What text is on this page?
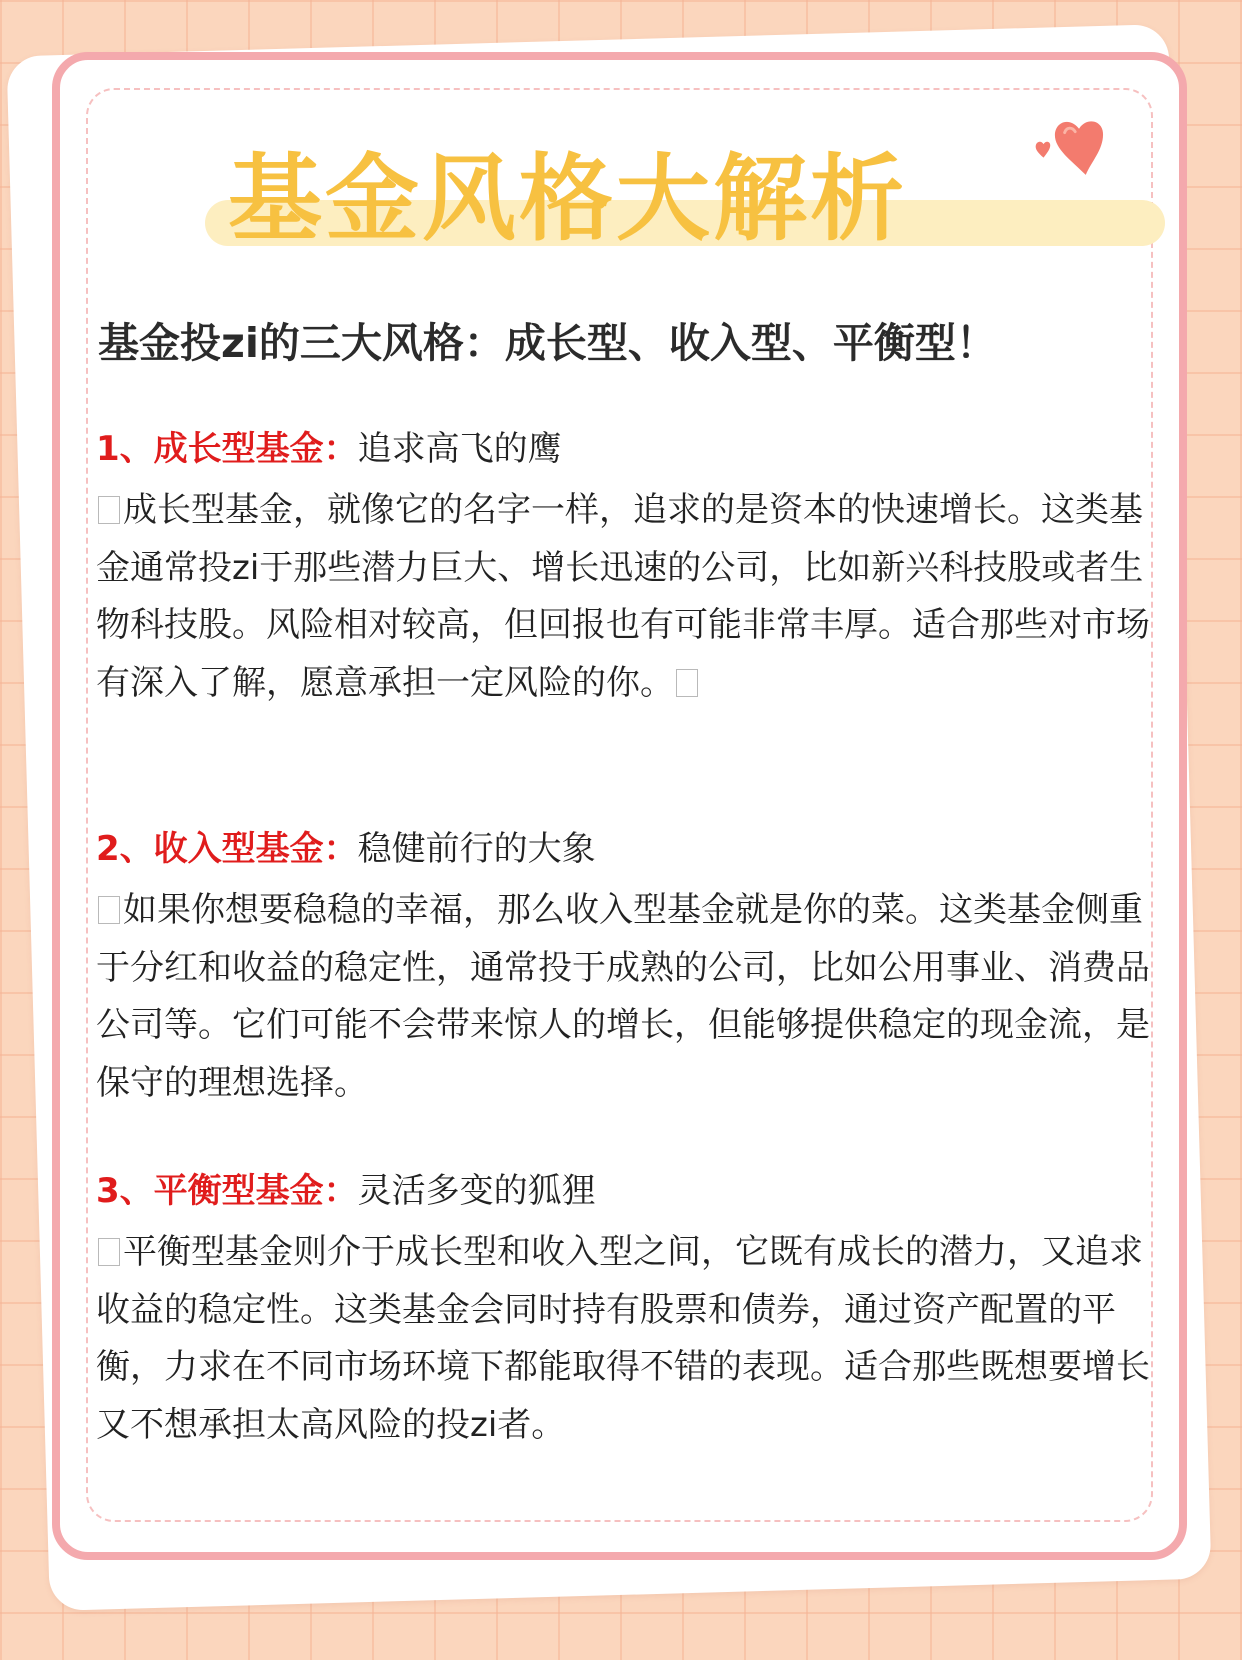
基金风格大解析
基金投zi的三大风格：成长型、收入型、平衡型！

1、成长型基金：追求高飞的鹰

成长型基金，就像它的名字一样，追求的是资本的快速增长。这类基金通常投zi于那些潜力巨大、增长迅速的公司，比如新兴科技股或者生物科技股。风险相对较高，但回报也有可能非常丰厚。适合那些对市场有深入了解，愿意承担一定风险的你。

2、收入型基金：稳健前行的大象

如果你想要稳稳的幸福，那么收入型基金就是你的菜。这类基金侧重于分红和收益的稳定性，通常投于成熟的公司，比如公用事业、消费品公司等。它们可能不会带来惊人的增长，但能够提供稳定的现金流，是保守的理想选择。

3、平衡型基金：灵活多变的狐狸

平衡型基金则介于成长型和收入型之间，它既有成长的潜力，又追求收益的稳定性。这类基金会同时持有股票和债券，通过资产配置的平衡，力求在不同市场环境下都能取得不错的表现。适合那些既想要增长又不想承担太高风险的投zi者。
